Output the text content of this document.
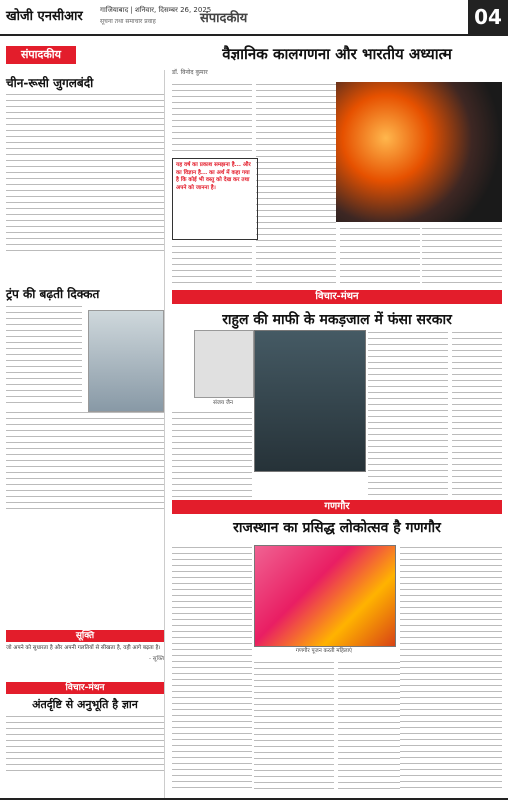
खोजी एनसीआर गाजियाबाद | शनिवार, दिसम्बर 26, 2025
सूचना तथा समाचार प्रवाह	संपादकीय	04
संपादकीय
चीन-रूसी जुगलबंदी
ट्रंप की बढ़ती दिक्कत
सूक्ति
जो अपने को सुधारता है और अपनी गलतियों से सीखता है, वही आगे बढ़ता है।
- सूक्ति
विचार-मंथन
अंतर्दृष्टि से अनुभूति है ज्ञान
वैज्ञानिक कालगणना और भारतीय अध्यात्म
डॉ. विनोद कुमार
यह वर्ष का प्रकाश समझना है... और का विज्ञान है... का अर्थ में कहा गया है कि कोई भी वस्तु को देख कर तथा अपने को जानना है।
विचार-मंथन
राहुल की माफी के मकड़जाल में फंसा सरकार
संजय जैन
गणगौर
राजस्थान का प्रसिद्ध लोकोत्सव है गणगौर
गणगौर पूजन करती महिलाएं
